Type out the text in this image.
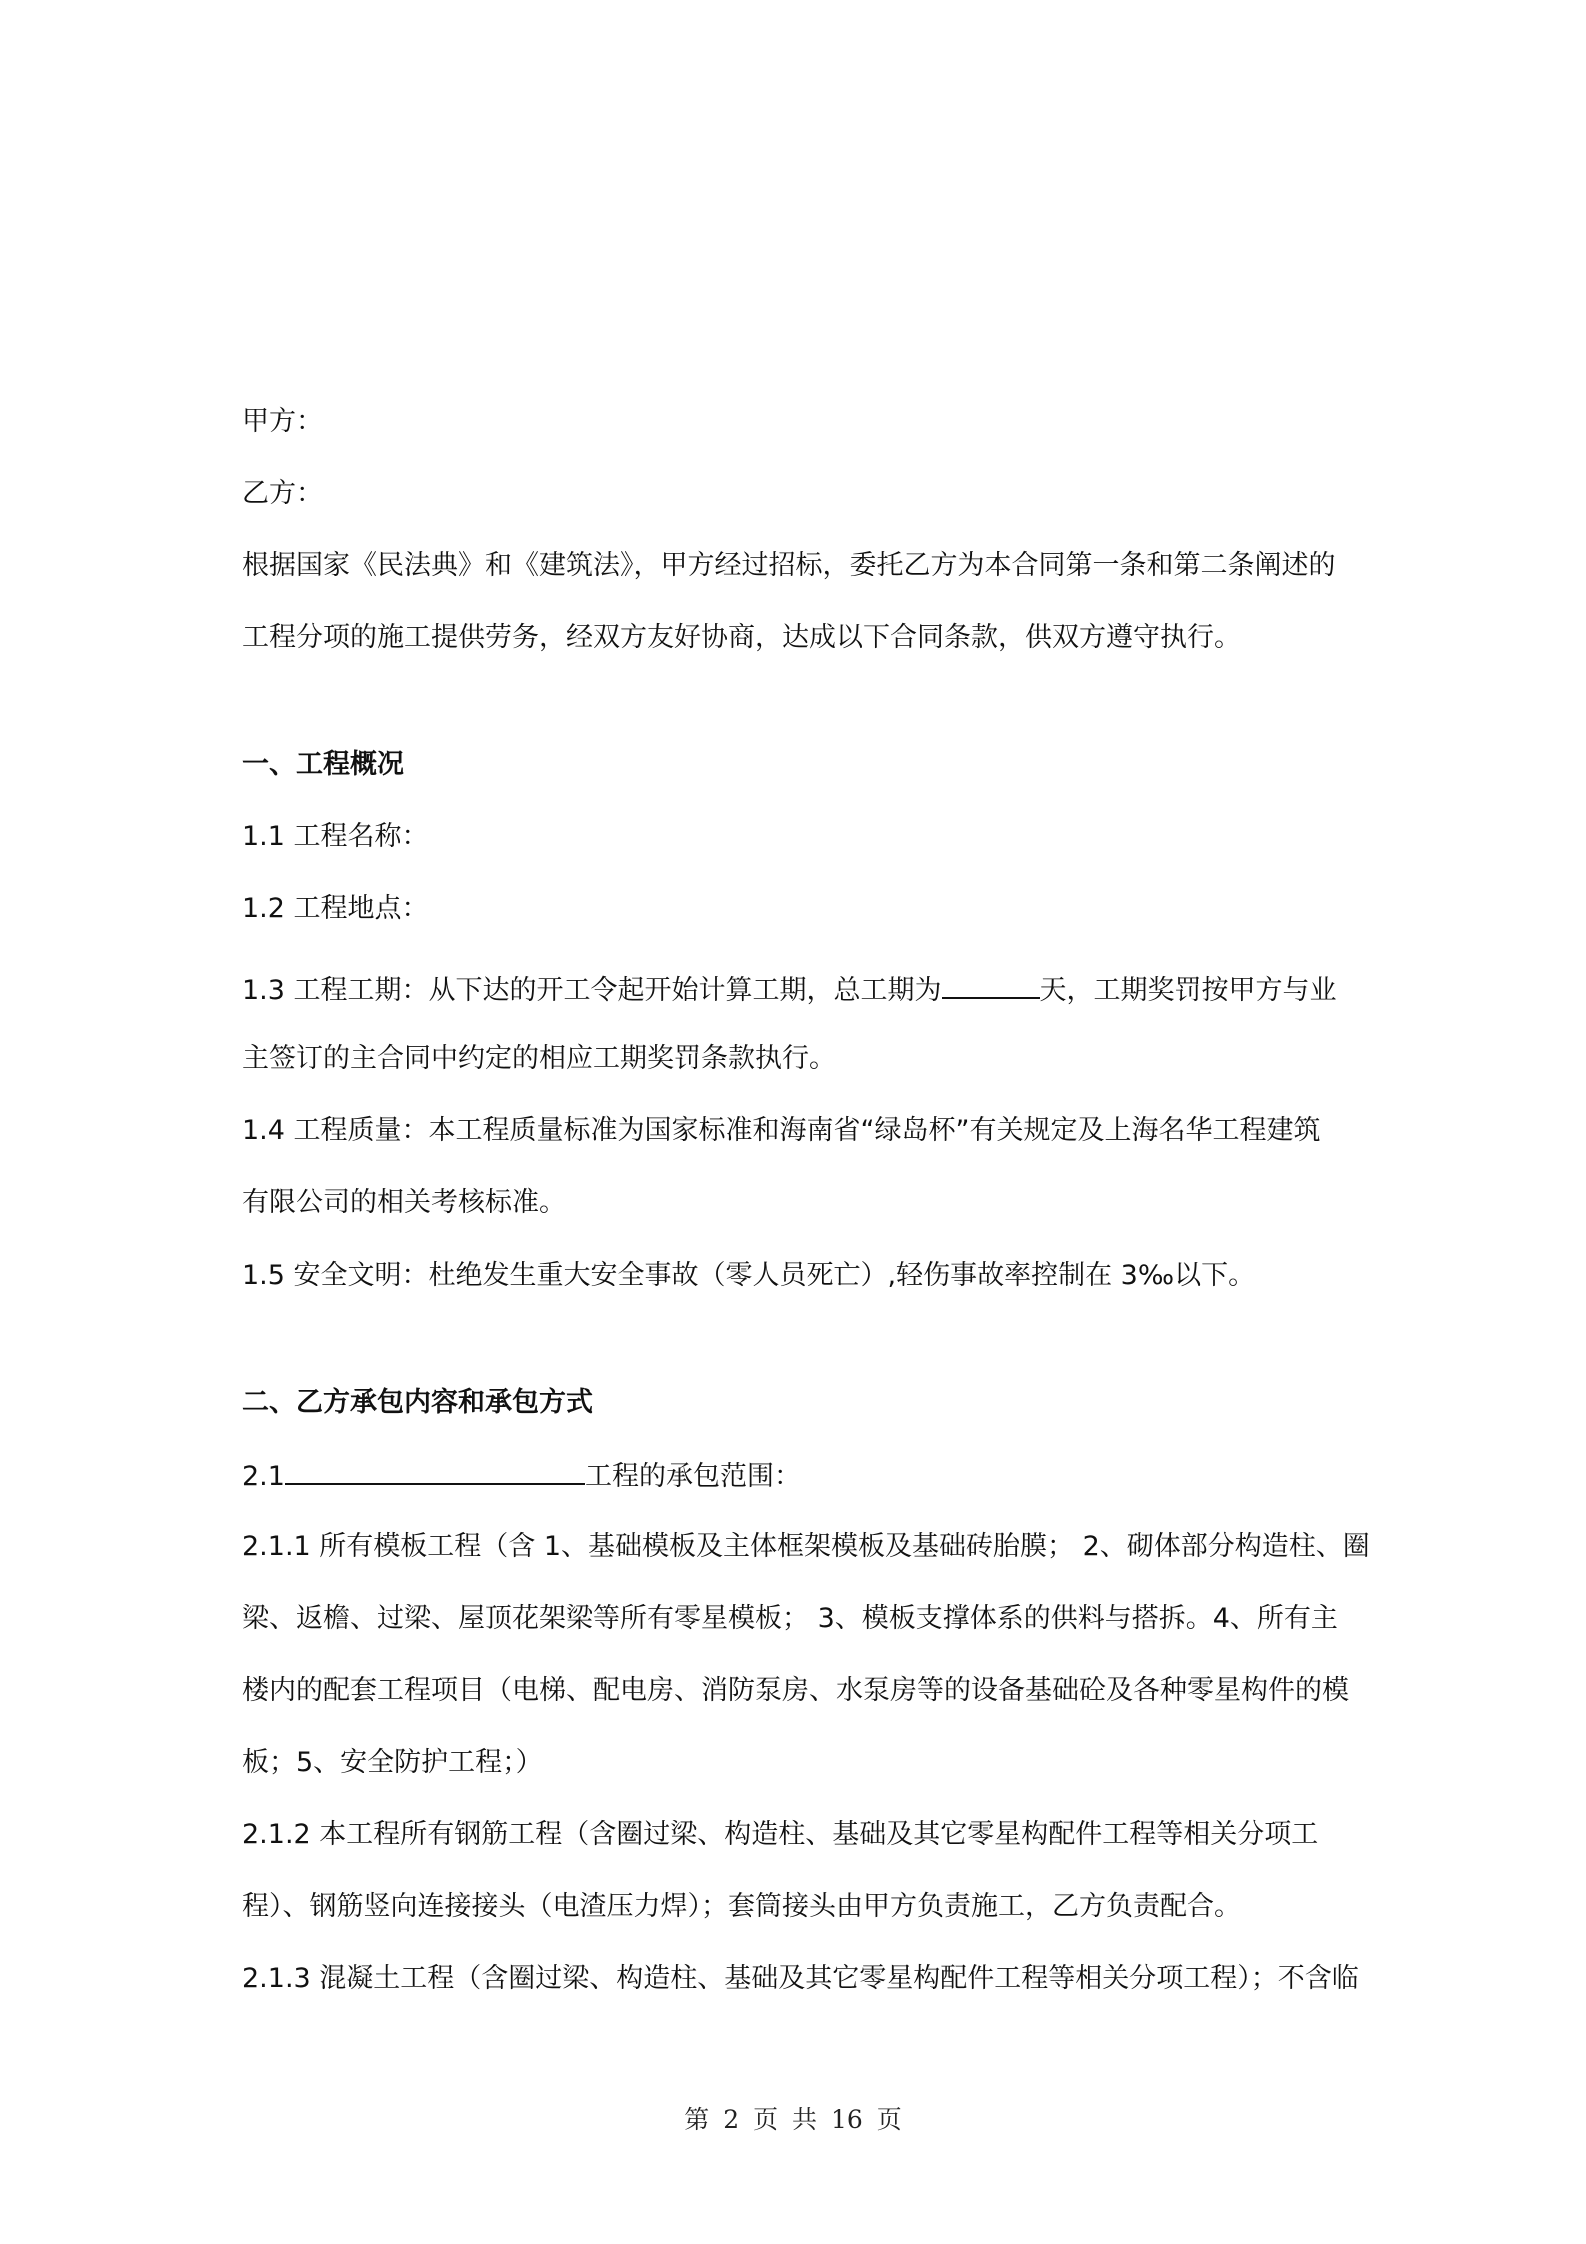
甲方：
乙方：
根据国家《民法典》和《建筑法》，甲方经过招标，委托乙方为本合同第一条和第二条阐述的
工程分项的施工提供劳务，经双方友好协商，达成以下合同条款，供双方遵守执行。
一、工程概况
1.1 工程名称：
1.2 工程地点：
1.3 工程工期：从下达的开工令起开始计算工期，总工期为	天，工期奖罚按甲方与业
主签订的主合同中约定的相应工期奖罚条款执行。
1.4 工程质量：本工程质量标准为国家标准和海南省“绿岛杯”有关规定及上海名华工程建筑
有限公司的相关考核标准。
1.5 安全文明：杜绝发生重大安全事故（零人员死亡）,轻伤事故率控制在 3‰以下。
二、乙方承包内容和承包方式
2.1	工程的承包范围：
2.1.1 所有模板工程（含 1、基础模板及主体框架模板及基础砖胎膜； 2、砌体部分构造柱、圈
梁、返檐、过梁、屋顶花架梁等所有零星模板； 3、模板支撑体系的供料与搭拆。4、所有主
楼内的配套工程项目（电梯、配电房、消防泵房、水泵房等的设备基础砼及各种零星构件的模
板；5、安全防护工程；）
2.1.2 本工程所有钢筋工程（含圈过梁、构造柱、基础及其它零星构配件工程等相关分项工
程）、钢筋竖向连接接头（电渣压力焊）；套筒接头由甲方负责施工，乙方负责配合。
2.1.3 混凝土工程（含圈过梁、构造柱、基础及其它零星构配件工程等相关分项工程）；不含临
第 2 页 共 16 页
